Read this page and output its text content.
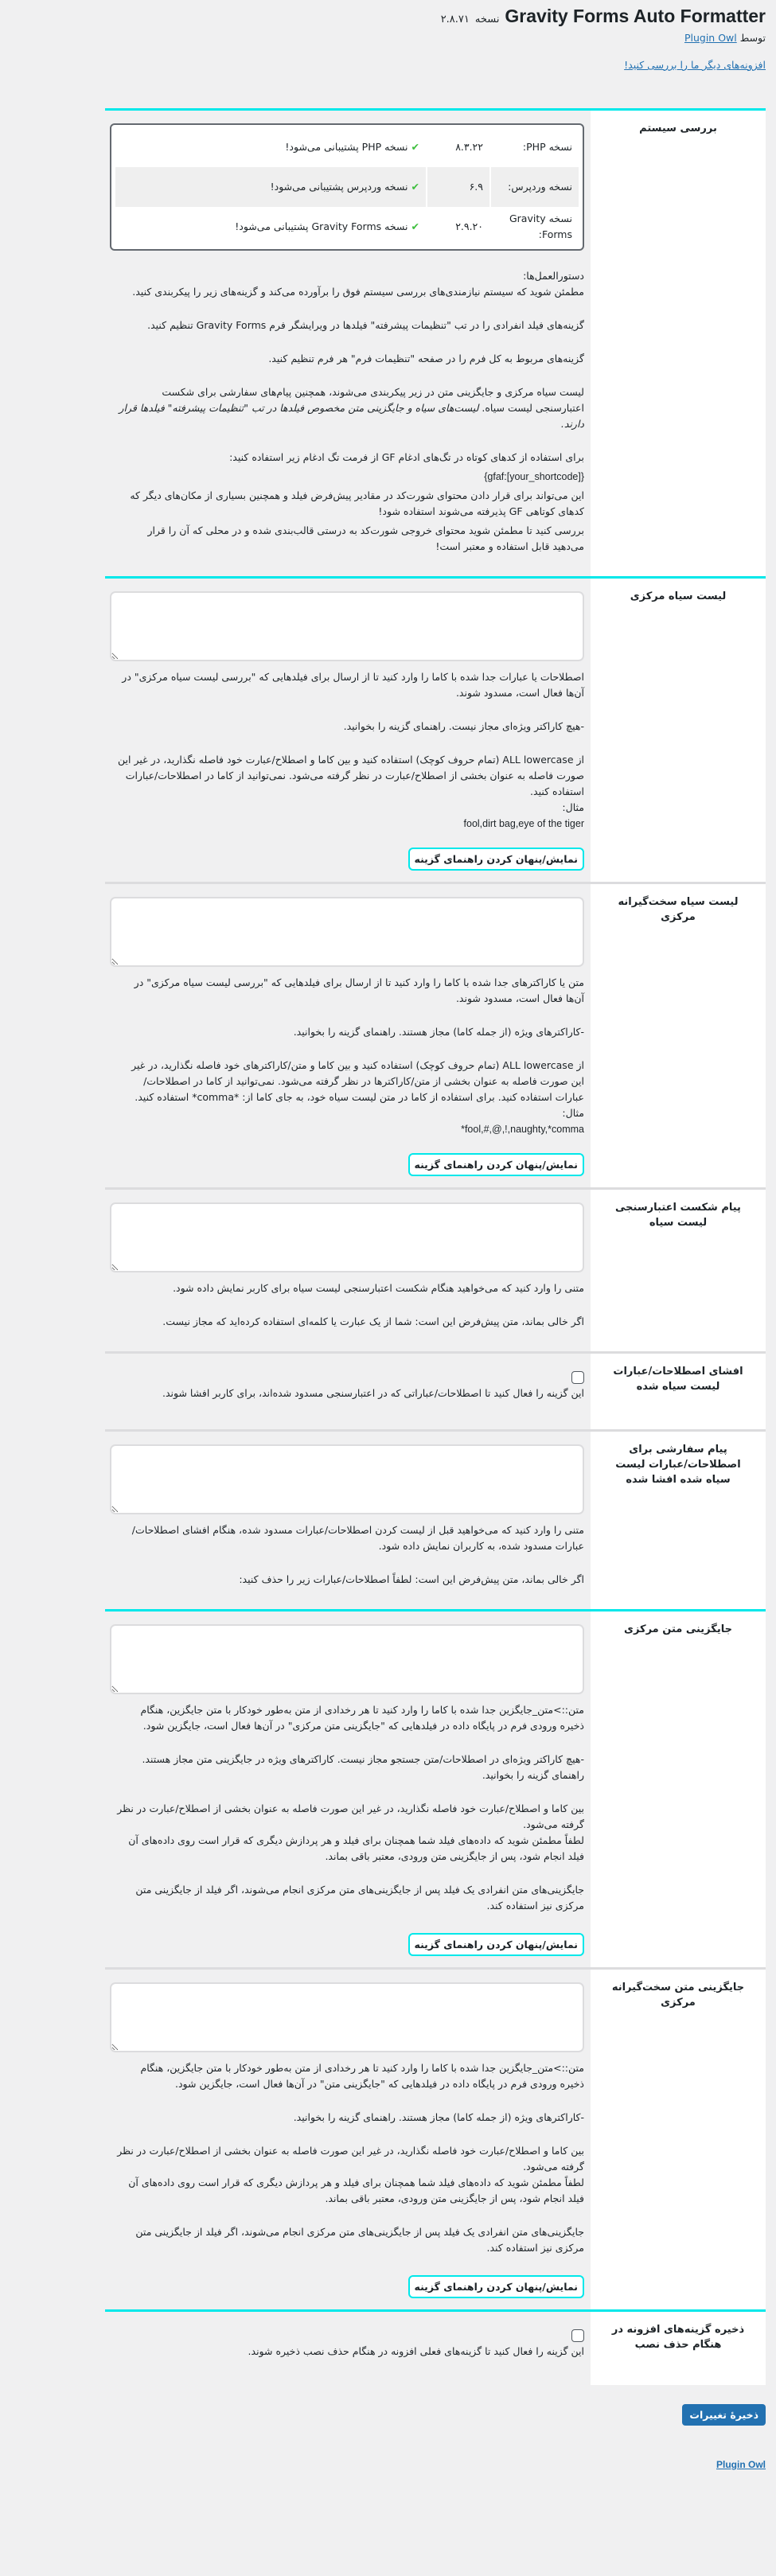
Gravity Forms Auto Formatter نسخه ۲.۸.۷۱

توسط Plugin Owl

افزونه‌های دیگر ما را بررسی کنید!
بررسی سیستم
نسخه PHP:	۸.۳.۲۲	✔نسخه PHP پشتیبانی می‌شود!
نسخه وردپرس:	۶.۹	✔نسخه وردپرس پشتیبانی می‌شود!
نسخه Gravity Forms:	۲.۹.۲۰	✔نسخه Gravity Forms پشتیبانی می‌شود!

دستورالعمل‌ها:

مطمئن شوید که سیستم نیازمندی‌های بررسی سیستم فوق را برآورده می‌کند و گزینه‌های زیر را پیکربندی کنید.

گزینه‌های فیلد انفرادی را در تب "تنظیمات پیشرفته" فیلدها در ویرایشگر فرم Gravity Forms تنظیم کنید.

گزینه‌های مربوط به کل فرم را در صفحه "تنظیمات فرم" هر فرم تنظیم کنید.

لیست سیاه مرکزی و جایگزینی متن در زیر پیکربندی می‌شوند، همچنین پیام‌های سفارشی برای شکست اعتبارسنجی لیست سیاه. لیست‌های سیاه و جایگزینی متن مخصوص فیلدها در تب "تنظیمات پیشرفته" فیلدها قرار دارند.

برای استفاده از کدهای کوتاه در تگ‌های ادغام GF از فرمت تگ ادغام زیر استفاده کنید:

{gfaf:[your_shortcode]}

این می‌تواند برای قرار دادن محتوای شورت‌کد در مقادیر پیش‌فرض فیلد و همچنین بسیاری از مکان‌های دیگر که کدهای کوتاهی GF پذیرفته می‌شوند استفاده شود!

بررسی کنید تا مطمئن شوید محتوای خروجی شورت‌کد به درستی قالب‌بندی شده و در محلی که آن را قرار می‌دهید قابل استفاده و معتبر است!

لیست سیاه مرکزی

اصطلاحات یا عبارات جدا شده با کاما را وارد کنید تا از ارسال برای فیلدهایی که "بررسی لیست سیاه مرکزی" در آن‌ها فعال است، مسدود شوند.

-هیچ کاراکتر ویژه‌ای مجاز نیست. راهنمای گزینه را بخوانید.

از ALL lowercase (تمام حروف کوچک) استفاده کنید و بین کاما و اصطلاح/عبارت خود فاصله نگذارید، در غیر این صورت فاصله به عنوان بخشی از اصطلاح/عبارت در نظر گرفته می‌شود. نمی‌توانید از کاما در اصطلاحات/عبارات استفاده کنید.

مثال:

fool,dirt bag,eye of the tiger

نمایش/پنهان کردن راهنمای گزینه
لیست سیاه سخت‌گیرانه مرکزی

متن یا کاراکترهای جدا شده با کاما را وارد کنید تا از ارسال برای فیلدهایی که "بررسی لیست سیاه مرکزی" در آن‌ها فعال است، مسدود شوند.

-کاراکترهای ویژه (از جمله کاما) مجاز هستند. راهنمای گزینه را بخوانید.

از ALL lowercase (تمام حروف کوچک) استفاده کنید و بین کاما و متن/کاراکترهای خود فاصله نگذارید، در غیر این صورت فاصله به عنوان بخشی از متن/کاراکترها در نظر گرفته می‌شود. نمی‌توانید از کاما در اصطلاحات/عبارات استفاده کنید. برای استفاده از کاما در متن لیست سیاه خود، به جای کاما از: *comma* استفاده کنید.

مثال:

*fool,#,@,!,naughty,*comma

نمایش/پنهان کردن راهنمای گزینه
پیام شکست اعتبارسنجی لیست سیاه

متنی را وارد کنید که می‌خواهید هنگام شکست اعتبارسنجی لیست سیاه برای کاربر نمایش داده شود.

اگر خالی بماند، متن پیش‌فرض این است: شما از یک عبارت یا کلمه‌ای استفاده کرده‌اید که مجاز نیست.

افشای اصطلاحات/عبارات لیست سیاه شده

این گزینه را فعال کنید تا اصطلاحات/عباراتی که در اعتبارسنجی مسدود شده‌اند، برای کاربر افشا شوند.

پیام سفارشی برای اصطلاحات/عبارات لیست سیاه شده افشا شده

متنی را وارد کنید که می‌خواهید قبل از لیست کردن اصطلاحات/عبارات مسدود شده، هنگام افشای اصطلاحات/عبارات مسدود شده، به کاربران نمایش داده شود.

اگر خالی بماند، متن پیش‌فرض این است: لطفاً اصطلاحات/عبارات زیر را حذف کنید:

جایگزینی متن مرکزی

متن::>متن_جایگزین جدا شده با کاما را وارد کنید تا هر رخدادی از متن به‌طور خودکار با متن جایگزین، هنگام ذخیره ورودی فرم در پایگاه داده در فیلدهایی که "جایگزینی متن مرکزی" در آن‌ها فعال است، جایگزین شود.

-هیچ کاراکتر ویژه‌ای در اصطلاحات/متن جستجو مجاز نیست. کاراکترهای ویژه در جایگزینی متن مجاز هستند. راهنمای گزینه را بخوانید.

بین کاما و اصطلاح/عبارت خود فاصله نگذارید، در غیر این صورت فاصله به عنوان بخشی از اصطلاح/عبارت در نظر گرفته می‌شود.

لطفاً مطمئن شوید که داده‌های فیلد شما همچنان برای فیلد و هر پردازش دیگری که قرار است روی داده‌های آن فیلد انجام شود، پس از جایگزینی متن ورودی، معتبر باقی بماند.

جایگزینی‌های متن انفرادی یک فیلد پس از جایگزینی‌های متن مرکزی انجام می‌شوند، اگر فیلد از جایگزینی متن مرکزی نیز استفاده کند.

نمایش/پنهان کردن راهنمای گزینه
جایگزینی متن سخت‌گیرانه مرکزی

متن::>متن_جایگزین جدا شده با کاما را وارد کنید تا هر رخدادی از متن به‌طور خودکار با متن جایگزین، هنگام ذخیره ورودی فرم در پایگاه داده در فیلدهایی که "جایگزینی متن" در آن‌ها فعال است، جایگزین شود.

-کاراکترهای ویژه (از جمله کاما) مجاز هستند. راهنمای گزینه را بخوانید.

بین کاما و اصطلاح/عبارت خود فاصله نگذارید، در غیر این صورت فاصله به عنوان بخشی از اصطلاح/عبارت در نظر گرفته می‌شود.

لطفاً مطمئن شوید که داده‌های فیلد شما همچنان برای فیلد و هر پردازش دیگری که قرار است روی داده‌های آن فیلد انجام شود، پس از جایگزینی متن ورودی، معتبر باقی بماند.

جایگزینی‌های متن انفرادی یک فیلد پس از جایگزینی‌های متن مرکزی انجام می‌شوند، اگر فیلد از جایگزینی متن مرکزی نیز استفاده کند.

نمایش/پنهان کردن راهنمای گزینه
ذخیره گزینه‌های افزونه در هنگام حذف نصب

این گزینه را فعال کنید تا گزینه‌های فعلی افزونه در هنگام حذف نصب ذخیره شوند.

ذخیرهٔ تغییرات
Plugin Owl
